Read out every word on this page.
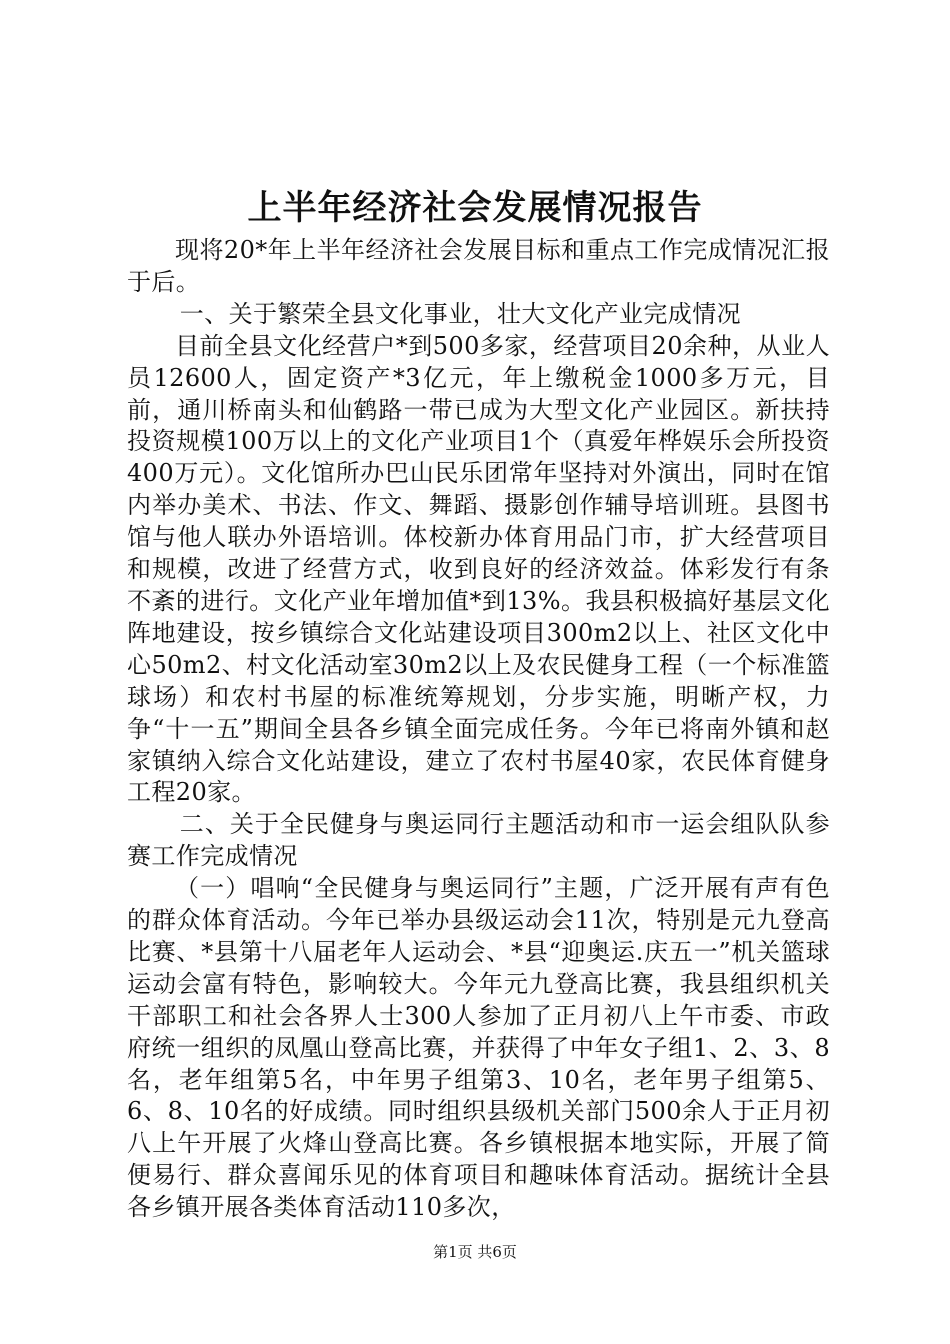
上半年经济社会发展情况报告

现将20*年上半年经济社会发展目标和重点工作完成情况汇报于后。

一、关于繁荣全县文化事业，壮大文化产业完成情况

目前全县文化经营户*到500多家，经营项目20余种，从业人员12600人，固定资产*3亿元，年上缴税金1000多万元，目前，通川桥南头和仙鹤路一带已成为大型文化产业园区。新扶持投资规模100万以上的文化产业项目1个（真爱年桦娱乐会所投资400万元）。文化馆所办巴山民乐团常年坚持对外演出，同时在馆内举办美术、书法、作文、舞蹈、摄影创作辅导培训班。县图书馆与他人联办外语培训。体校新办体育用品门市，扩大经营项目和规模，改进了经营方式，收到良好的经济效益。体彩发行有条不紊的进行。文化产业年增加值*到13%。我县积极搞好基层文化阵地建设，按乡镇综合文化站建设项目300m2以上、社区文化中心50m2、村文化活动室30m2以上及农民健身工程（一个标准篮球场）和农村书屋的标准统筹规划，分步实施，明晰产权，力争“十一五”期间全县各乡镇全面完成任务。今年已将南外镇和赵家镇纳入综合文化站建设，建立了农村书屋40家，农民体育健身工程20家。

二、关于全民健身与奥运同行主题活动和市一运会组队队参赛工作完成情况

（一）唱响“全民健身与奥运同行”主题，广泛开展有声有色的群众体育活动。今年已举办县级运动会11次，特别是元九登高比赛、*县第十八届老年人运动会、*县“迎奥运.庆五一”机关篮球运动会富有特色，影响较大。今年元九登高比赛，我县组织机关干部职工和社会各界人士300人参加了正月初八上午市委、市政府统一组织的凤凰山登高比赛，并获得了中年女子组1、2、3、8名，老年组第5名，中年男子组第3、10名，老年男子组第5、6、8、10名的好成绩。同时组织县级机关部门500余人于正月初八上午开展了火烽山登高比赛。各乡镇根据本地实际，开展了简便易行、群众喜闻乐见的体育项目和趣味体育活动。据统计全县各乡镇开展各类体育活动110多次，

第1页 共6页
